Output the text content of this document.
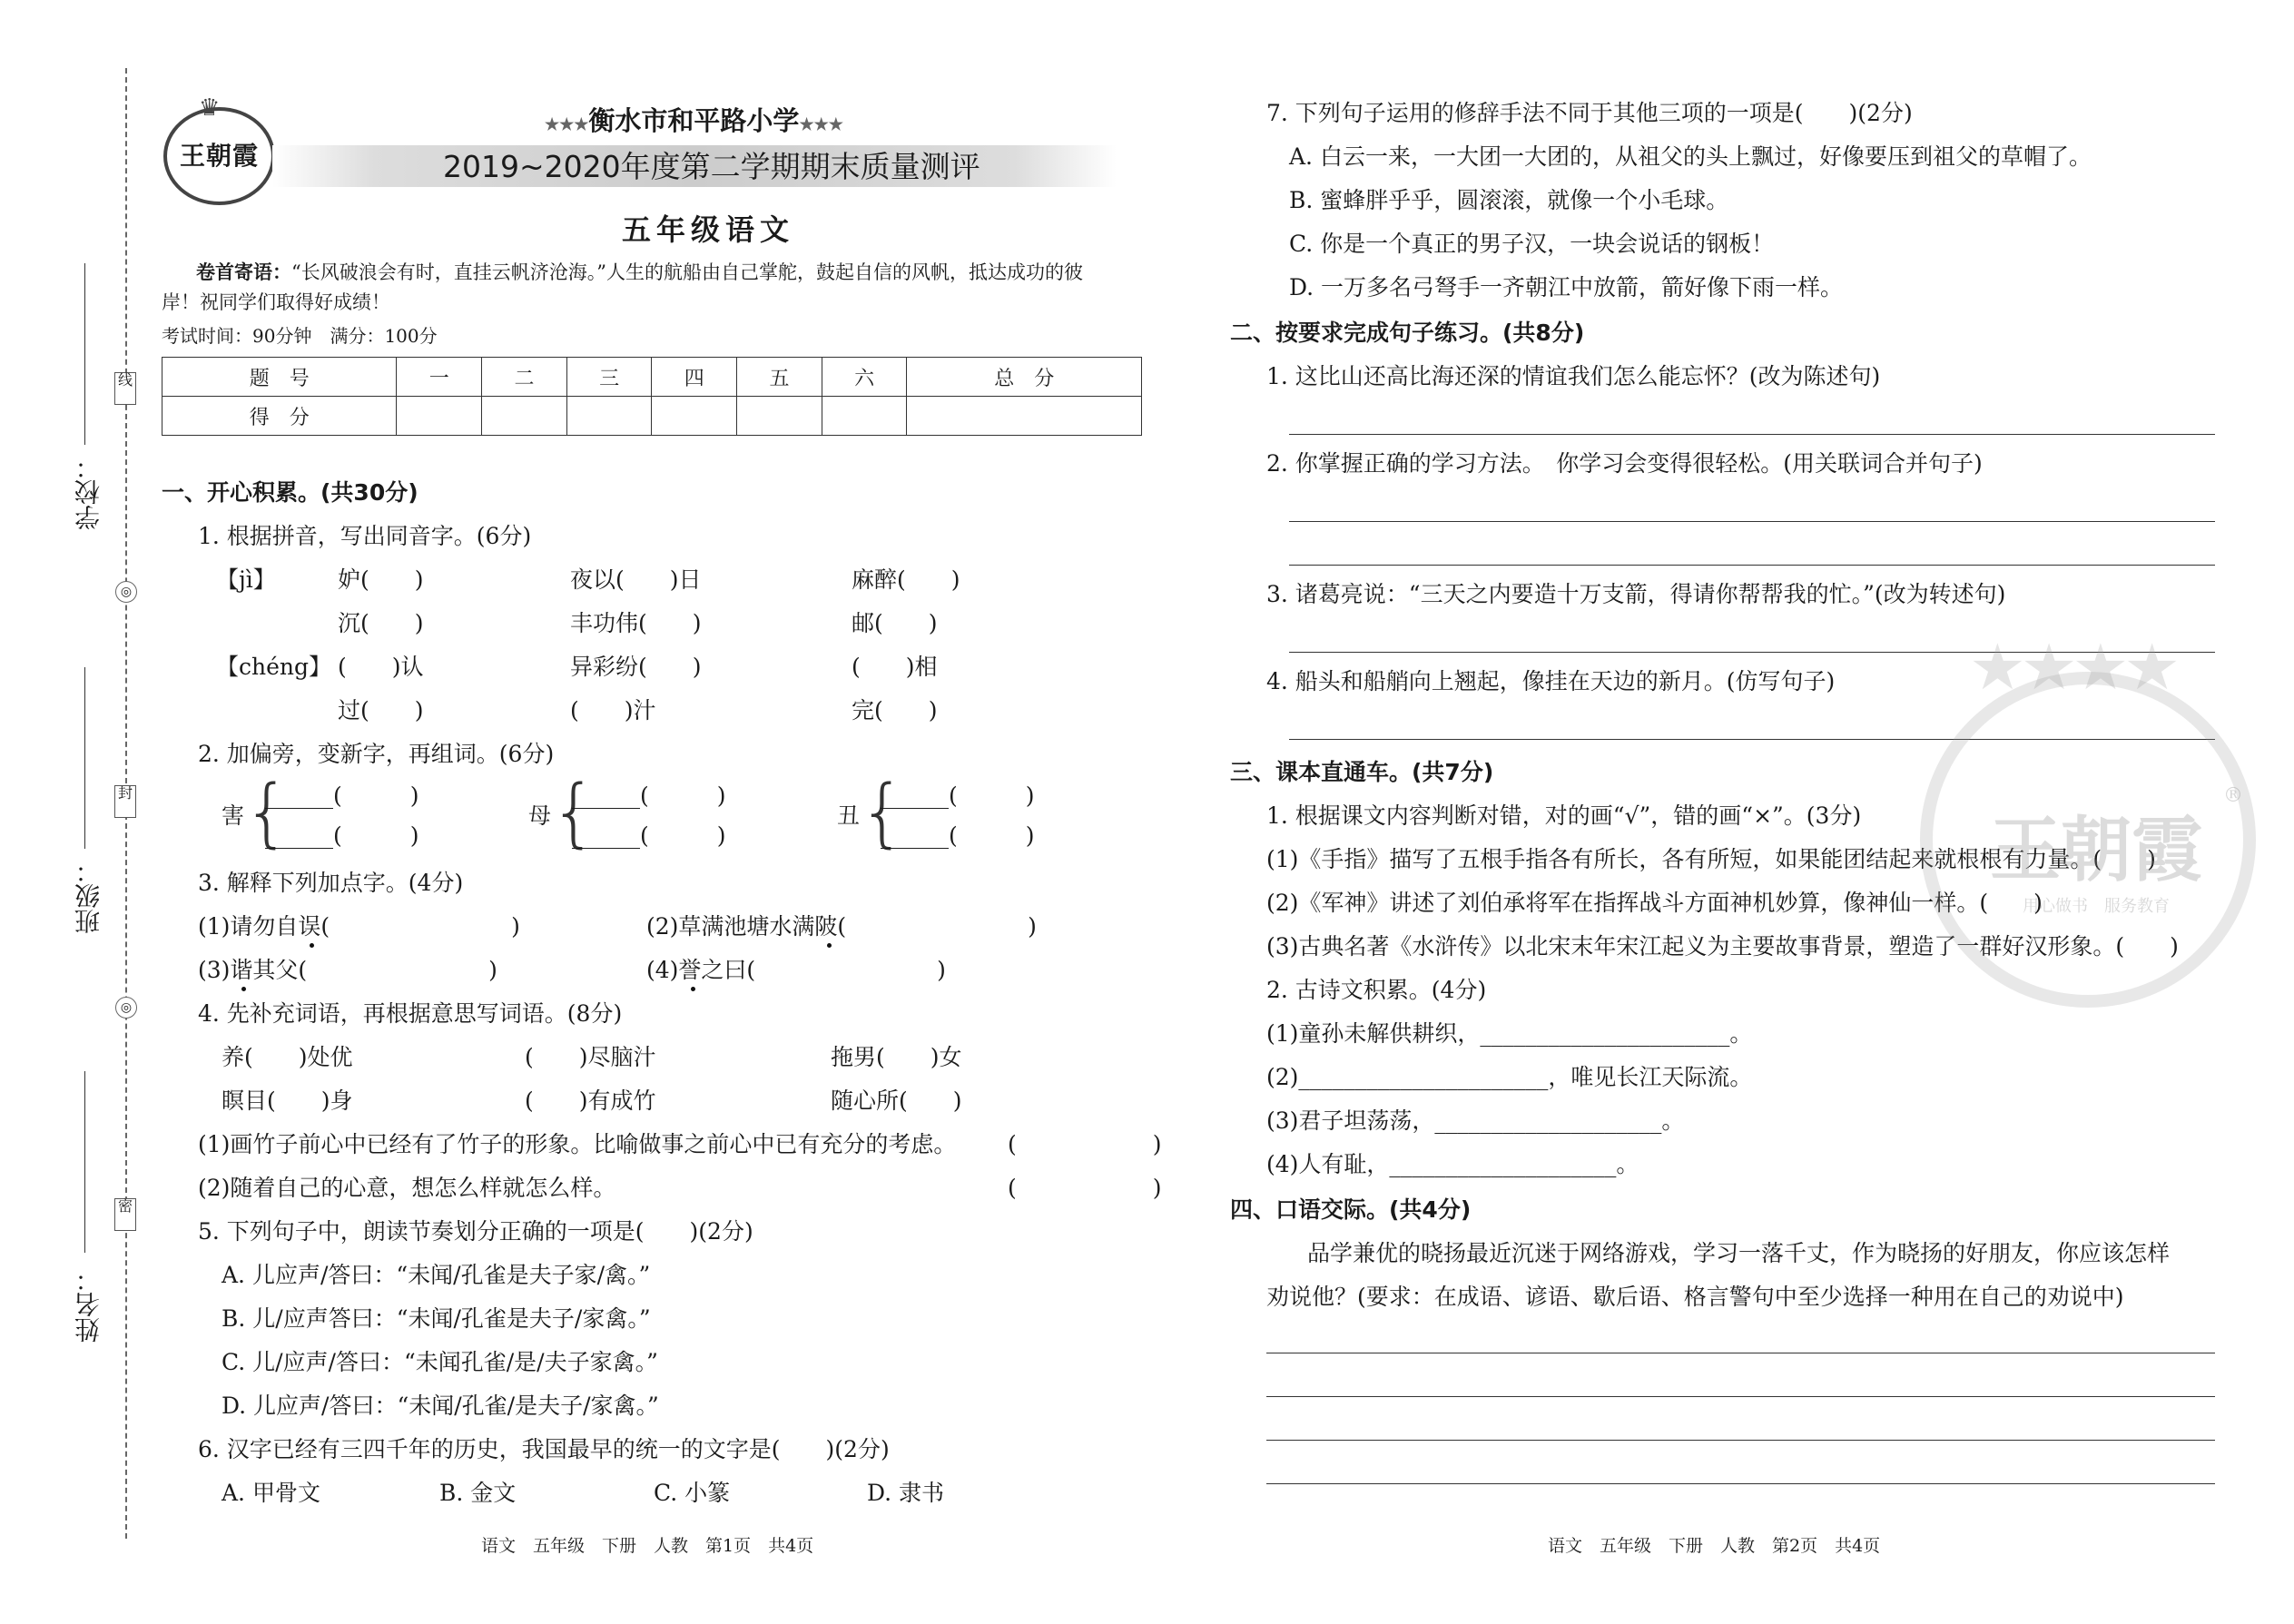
学校：
班级：
姓名：
线
◎
封
◎
密
♛
王朝霞
★★★衡水市和平路小学★★★
2019~2020年度第二学期期末质量测评
五年级语文
卷首寄语：“长风破浪会有时，直挂云帆济沧海。”人生的航船由自己掌舵，鼓起自信的风帆，抵达成功的彼
岸！祝同学们取得好成绩！
考试时间：90分钟　满分：100分
题　号	一	二	三	四	五	六	总　分
得　分							
一、开心积累。(共30分)
1. 根据拼音，写出同音字。(6分)
【jì】	妒(　　)	夜以(　　)日	麻醉(　　)
沉(　　)	丰功伟(　　)	邮(　　)
【chéng】 (　　)认	异彩纷(　　)	(　　)相
过(　　)	(　　)汁	完(　　)
2. 加偏旁，变新字，再组词。(6分)
害
{
______(　　　)
______(　　　)
母
{
______(　　　)
______(　　　)
丑
{
______(　　　)
______(　　　)
3. 解释下列加点字。(4分)
(1)请勿自误(　　　　　　　　)	(2)草满池塘水满陂(　　　　　　　　)
(3)谐其父(　　　　　　　　)	(4)誉之曰(　　　　　　　　)
4. 先补充词语，再根据意思写词语。(8分)
养(　　)处优	(　　)尽脑汁	拖男(　　)女
瞑目(　　)身	(　　)有成竹	随心所(　　)
(1)画竹子前心中已经有了竹子的形象。比喻做事之前心中已有充分的考虑。 (　　　　　　)
(2)随着自己的心意，想怎么样就怎么样。	(　　　　　　)
5. 下列句子中，朗读节奏划分正确的一项是(　　)(2分)
A. 儿应声/答曰：“未闻/孔雀是夫子家/禽。”
B. 儿/应声答曰：“未闻/孔雀是夫子/家禽。”
C. 儿/应声/答曰：“未闻孔雀/是/夫子家禽。”
D. 儿应声/答曰：“未闻/孔雀/是夫子/家禽。”
6. 汉字已经有三四千年的历史，我国最早的统一的文字是(　　)(2分)
A. 甲骨文	B. 金文	C. 小篆	D. 隶书
语文　五年级　下册　人教　第1页　共4页
7. 下列句子运用的修辞手法不同于其他三项的一项是(　　)(2分)
A. 白云一来，一大团一大团的，从祖父的头上飘过，好像要压到祖父的草帽了。
B. 蜜蜂胖乎乎，圆滚滚，就像一个小毛球。
C. 你是一个真正的男子汉，一块会说话的钢板！
D. 一万多名弓弩手一齐朝江中放箭，箭好像下雨一样。
二、按要求完成句子练习。(共8分)
1. 这比山还高比海还深的情谊我们怎么能忘怀？(改为陈述句)
2. 你掌握正确的学习方法。　你学习会变得很轻松。(用关联词合并句子)
3. 诸葛亮说：“三天之内要造十万支箭，得请你帮帮我的忙。”(改为转述句)
4. 船头和船艄向上翘起，像挂在天边的新月。(仿写句子)
三、课本直通车。(共7分)
1. 根据课文内容判断对错，对的画“√”，错的画“×”。(3分)
(1)《手指》描写了五根手指各有所长，各有所短，如果能团结起来就根根有力量。(　　)
(2)《军神》讲述了刘伯承将军在指挥战斗方面神机妙算，像神仙一样。(　　)
(3)古典名著《水浒传》以北宋末年宋江起义为主要故事背景，塑造了一群好汉形象。(　　)
2. 古诗文积累。(4分)
(1)童孙未解供耕织，______________________。
(2)______________________，唯见长江天际流。
(3)君子坦荡荡，____________________。
(4)人有耻，____________________。
四、口语交际。(共4分)
品学兼优的晓扬最近沉迷于网络游戏，学习一落千丈，作为晓扬的好朋友，你应该怎样
劝说他？(要求：在成语、谚语、歇后语、格言警句中至少选择一种用在自己的劝说中)
语文　五年级　下册　人教　第2页　共4页
★★★★
王朝霞
®
用心做书　服务教育
